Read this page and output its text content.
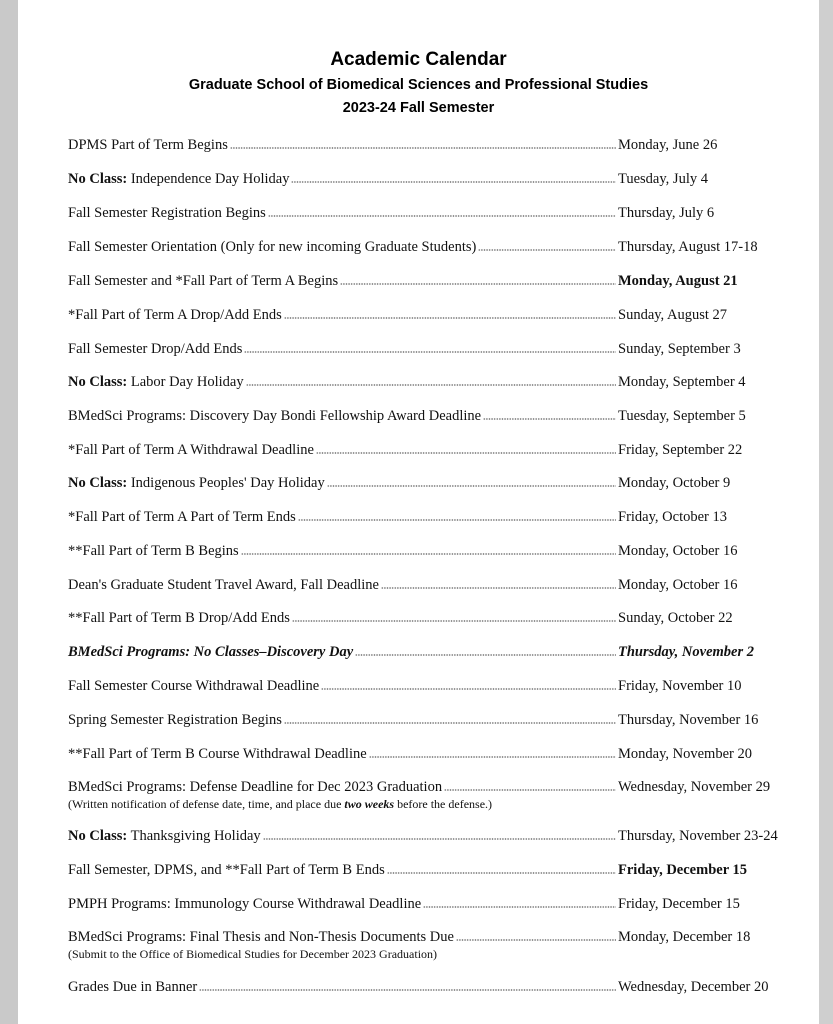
Academic Calendar
Graduate School of Biomedical Sciences and Professional Studies
2023-24 Fall Semester
DPMS Part of Term Begins	Monday, June 26
No Class: Independence Day Holiday	Tuesday, July 4
Fall Semester Registration Begins	Thursday, July 6
Fall Semester Orientation (Only for new incoming Graduate Students)	Thursday, August 17-18
Fall Semester and *Fall Part of Term A Begins	Monday, August 21
*Fall Part of Term A Drop/Add Ends	Sunday, August 27
Fall Semester Drop/Add Ends	Sunday, September 3
No Class: Labor Day Holiday	Monday, September 4
BMedSci Programs: Discovery Day Bondi Fellowship Award Deadline	Tuesday, September 5
*Fall Part of Term A Withdrawal Deadline	Friday, September 22
No Class: Indigenous Peoples' Day Holiday	Monday, October 9
*Fall Part of Term A Part of Term Ends	Friday, October 13
**Fall Part of Term B Begins	Monday, October 16
Dean's Graduate Student Travel Award, Fall Deadline	Monday, October 16
**Fall Part of Term B Drop/Add Ends	Sunday, October 22
BMedSci Programs: No Classes–Discovery Day	Thursday, November 2
Fall Semester Course Withdrawal Deadline	Friday, November 10
Spring Semester Registration Begins	Thursday, November 16
**Fall Part of Term B Course Withdrawal Deadline	Monday, November 20
BMedSci Programs: Defense Deadline for Dec 2023 Graduation	Wednesday, November 29
(Written notification of defense date, time, and place due two weeks before the defense.)
No Class: Thanksgiving Holiday	Thursday, November 23-24
Fall Semester, DPMS, and **Fall Part of Term B Ends	Friday, December 15
PMPH Programs: Immunology Course Withdrawal Deadline	Friday, December 15
BMedSci Programs: Final Thesis and Non-Thesis Documents Due	Monday, December 18
(Submit to the Office of Biomedical Studies for December 2023 Graduation)
Grades Due in Banner	Wednesday, December 20
